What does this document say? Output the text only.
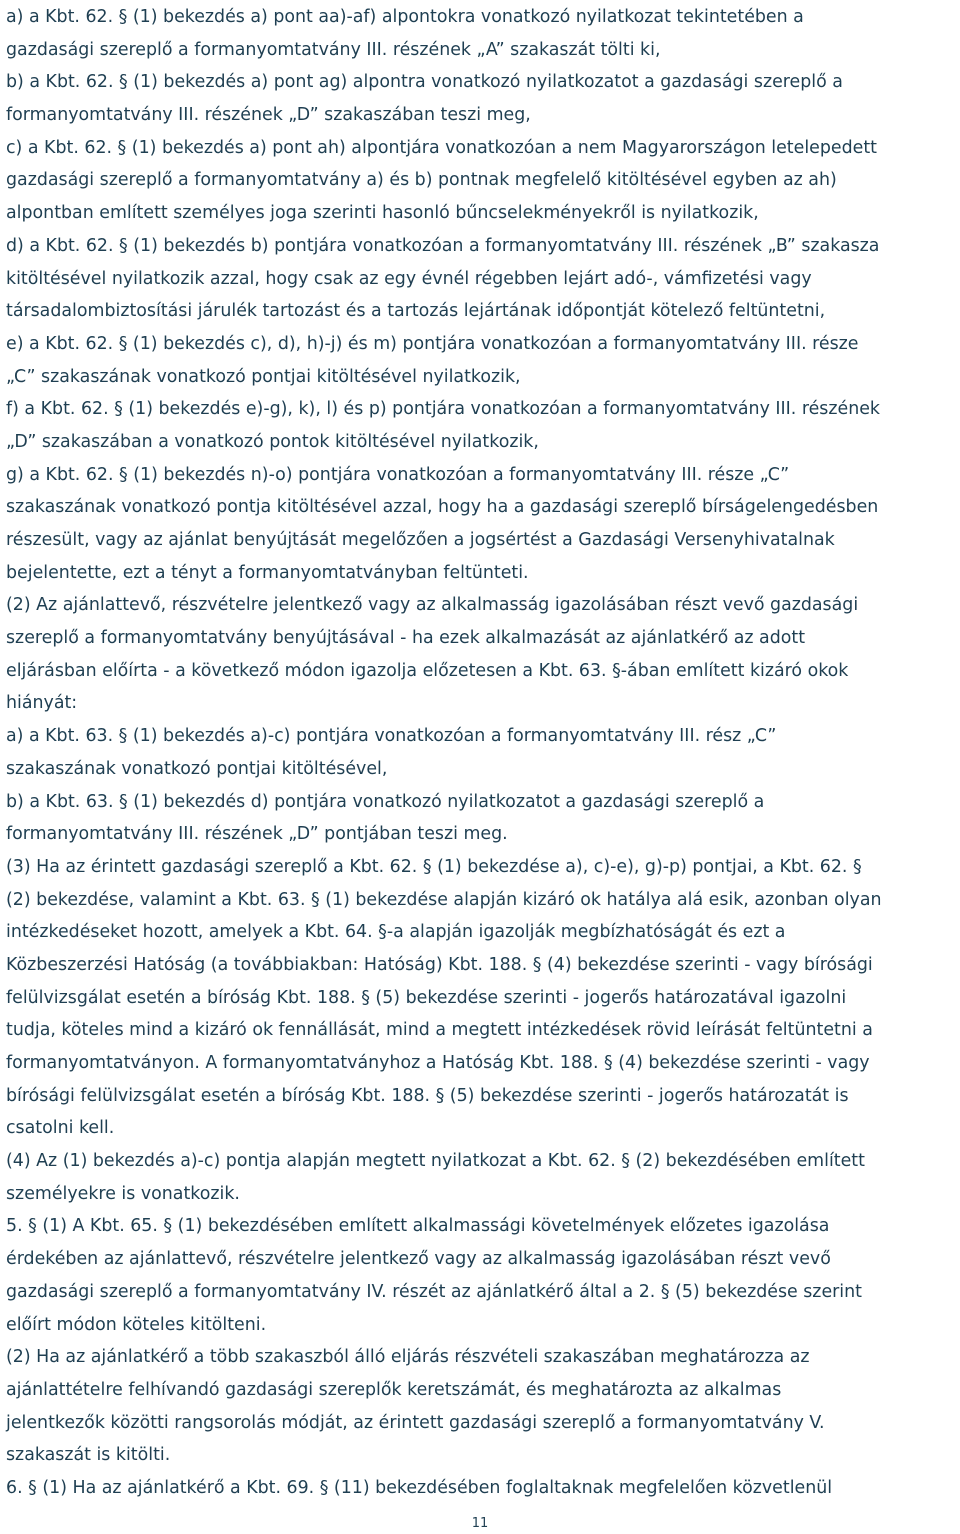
a) a Kbt. 62. § (1) bekezdés a) pont aa)-af) alpontokra vonatkozó nyilatkozat tekintetében a
gazdasági szereplő a formanyomtatvány III. részének „A” szakaszát tölti ki,
b) a Kbt. 62. § (1) bekezdés a) pont ag) alpontra vonatkozó nyilatkozatot a gazdasági szereplő a
formanyomtatvány III. részének „D” szakaszában teszi meg,
c) a Kbt. 62. § (1) bekezdés a) pont ah) alpontjára vonatkozóan a nem Magyarországon letelepedett
gazdasági szereplő a formanyomtatvány a) és b) pontnak megfelelő kitöltésével egyben az ah)
alpontban említett személyes joga szerinti hasonló bűncselekményekről is nyilatkozik,
d) a Kbt. 62. § (1) bekezdés b) pontjára vonatkozóan a formanyomtatvány III. részének „B” szakasza
kitöltésével nyilatkozik azzal, hogy csak az egy évnél régebben lejárt adó-, vámfizetési vagy
társadalombiztosítási járulék tartozást és a tartozás lejártának időpontját kötelező feltüntetni,
e) a Kbt. 62. § (1) bekezdés c), d), h)-j) és m) pontjára vonatkozóan a formanyomtatvány III. része
„C” szakaszának vonatkozó pontjai kitöltésével nyilatkozik,
f) a Kbt. 62. § (1) bekezdés e)-g), k), l) és p) pontjára vonatkozóan a formanyomtatvány III. részének
„D” szakaszában a vonatkozó pontok kitöltésével nyilatkozik,
g) a Kbt. 62. § (1) bekezdés n)-o) pontjára vonatkozóan a formanyomtatvány III. része „C”
szakaszának vonatkozó pontja kitöltésével azzal, hogy ha a gazdasági szereplő bírságelengedésben
részesült, vagy az ajánlat benyújtását megelőzően a jogsértést a Gazdasági Versenyhivatalnak
bejelentette, ezt a tényt a formanyomtatványban feltünteti.
(2) Az ajánlattevő, részvételre jelentkező vagy az alkalmasság igazolásában részt vevő gazdasági
szereplő a formanyomtatvány benyújtásával - ha ezek alkalmazását az ajánlatkérő az adott
eljárásban előírta - a következő módon igazolja előzetesen a Kbt. 63. §-ában említett kizáró okok
hiányát:
a) a Kbt. 63. § (1) bekezdés a)-c) pontjára vonatkozóan a formanyomtatvány III. rész „C”
szakaszának vonatkozó pontjai kitöltésével,
b) a Kbt. 63. § (1) bekezdés d) pontjára vonatkozó nyilatkozatot a gazdasági szereplő a
formanyomtatvány III. részének „D” pontjában teszi meg.
(3) Ha az érintett gazdasági szereplő a Kbt. 62. § (1) bekezdése a), c)-e), g)-p) pontjai, a Kbt. 62. §
(2) bekezdése, valamint a Kbt. 63. § (1) bekezdése alapján kizáró ok hatálya alá esik, azonban olyan
intézkedéseket hozott, amelyek a Kbt. 64. §-a alapján igazolják megbízhatóságát és ezt a
Közbeszerzési Hatóság (a továbbiakban: Hatóság) Kbt. 188. § (4) bekezdése szerinti - vagy bírósági
felülvizsgálat esetén a bíróság Kbt. 188. § (5) bekezdése szerinti - jogerős határozatával igazolni
tudja, köteles mind a kizáró ok fennállását, mind a megtett intézkedések rövid leírását feltüntetni a
formanyomtatványon. A formanyomtatványhoz a Hatóság Kbt. 188. § (4) bekezdése szerinti - vagy
bírósági felülvizsgálat esetén a bíróság Kbt. 188. § (5) bekezdése szerinti - jogerős határozatát is
csatolni kell.
(4) Az (1) bekezdés a)-c) pontja alapján megtett nyilatkozat a Kbt. 62. § (2) bekezdésében említett
személyekre is vonatkozik.
5. § (1) A Kbt. 65. § (1) bekezdésében említett alkalmassági követelmények előzetes igazolása
érdekében az ajánlattevő, részvételre jelentkező vagy az alkalmasság igazolásában részt vevő
gazdasági szereplő a formanyomtatvány IV. részét az ajánlatkérő által a 2. § (5) bekezdése szerint
előírt módon köteles kitölteni.
(2) Ha az ajánlatkérő a több szakaszból álló eljárás részvételi szakaszában meghatározza az
ajánlattételre felhívandó gazdasági szereplők keretszámát, és meghatározta az alkalmas
jelentkezők közötti rangsorolás módját, az érintett gazdasági szereplő a formanyomtatvány V.
szakaszát is kitölti.
6. § (1) Ha az ajánlatkérő a Kbt. 69. § (11) bekezdésében foglaltaknak megfelelően közvetlenül
11
